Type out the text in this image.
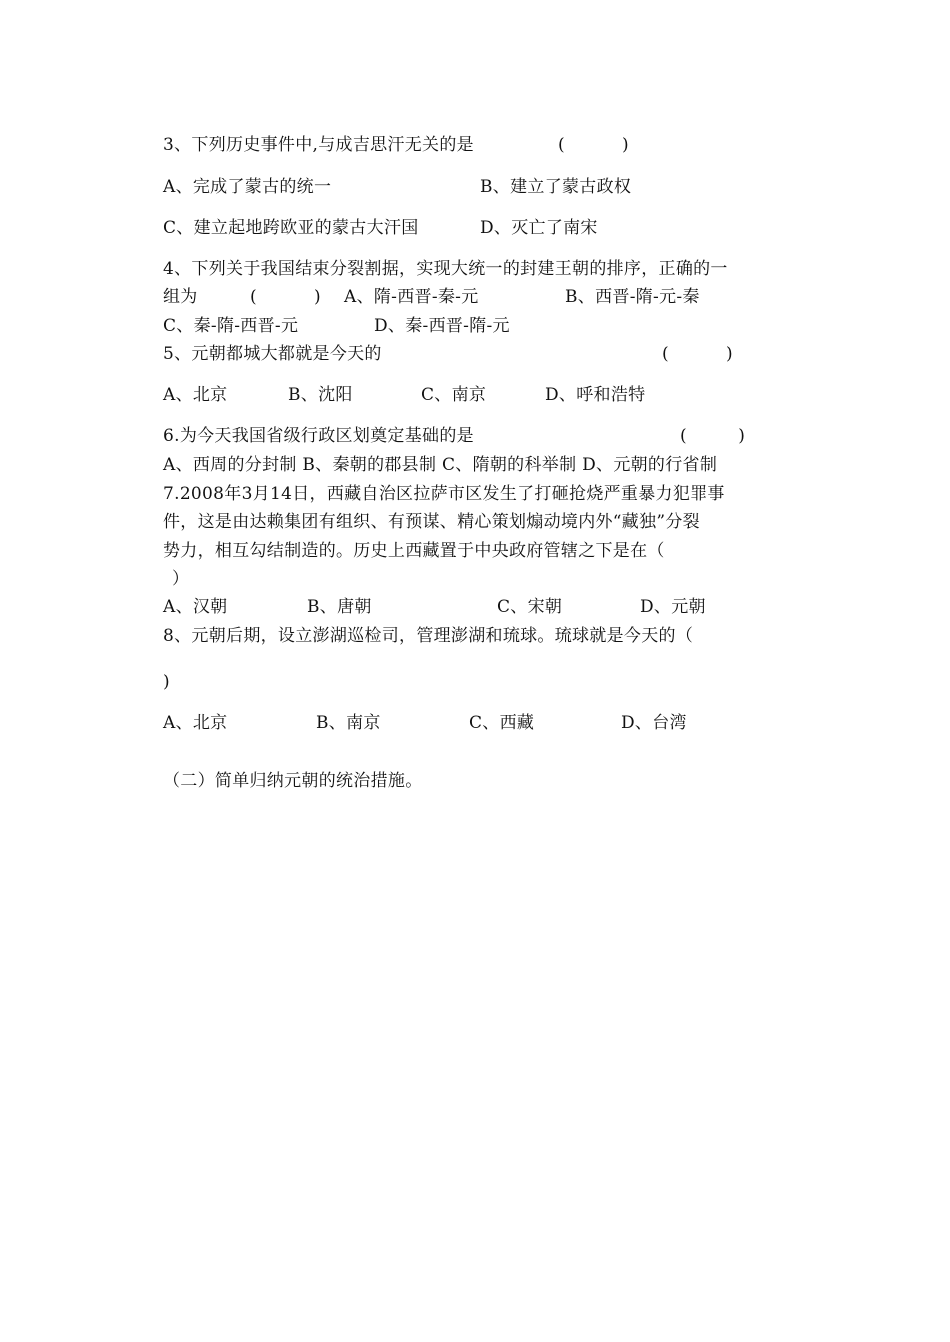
3、下列历史事件中,与成吉思汗无关的是	(          )
A、完成了蒙古的统一	B、建立了蒙古政权
C、建立起地跨欧亚的蒙古大汗国	D、灭亡了南宋
4、下列关于我国结束分裂割据，实现大统一的封建王朝的排序，正确的一
组为	(          ) A、隋-西晋-秦-元	B、西晋-隋-元-秦
C、秦-隋-西晋-元	D、秦-西晋-隋-元
5、元朝都城大都就是今天的	(          )
A、北京	B、沈阳	C、南京	D、呼和浩特
6.为今天我国省级行政区划奠定基础的是	(         )
A、西周的分封制 B、秦朝的郡县制 C、隋朝的科举制 D、元朝的行省制
7.2008年3月14日，西藏自治区拉萨市区发生了打砸抢烧严重暴力犯罪事
件，这是由达赖集团有组织、有预谋、精心策划煽动境内外“藏独”分裂
势力，相互勾结制造的。历史上西藏置于中央政府管辖之下是在（
）
A、汉朝	B、唐朝	C、宋朝	D、元朝
8、元朝后期，设立澎湖巡检司，管理澎湖和琉球。琉球就是今天的（
)
A、北京	B、南京	C、西藏	D、台湾
（二）简单归纳元朝的统治措施。
